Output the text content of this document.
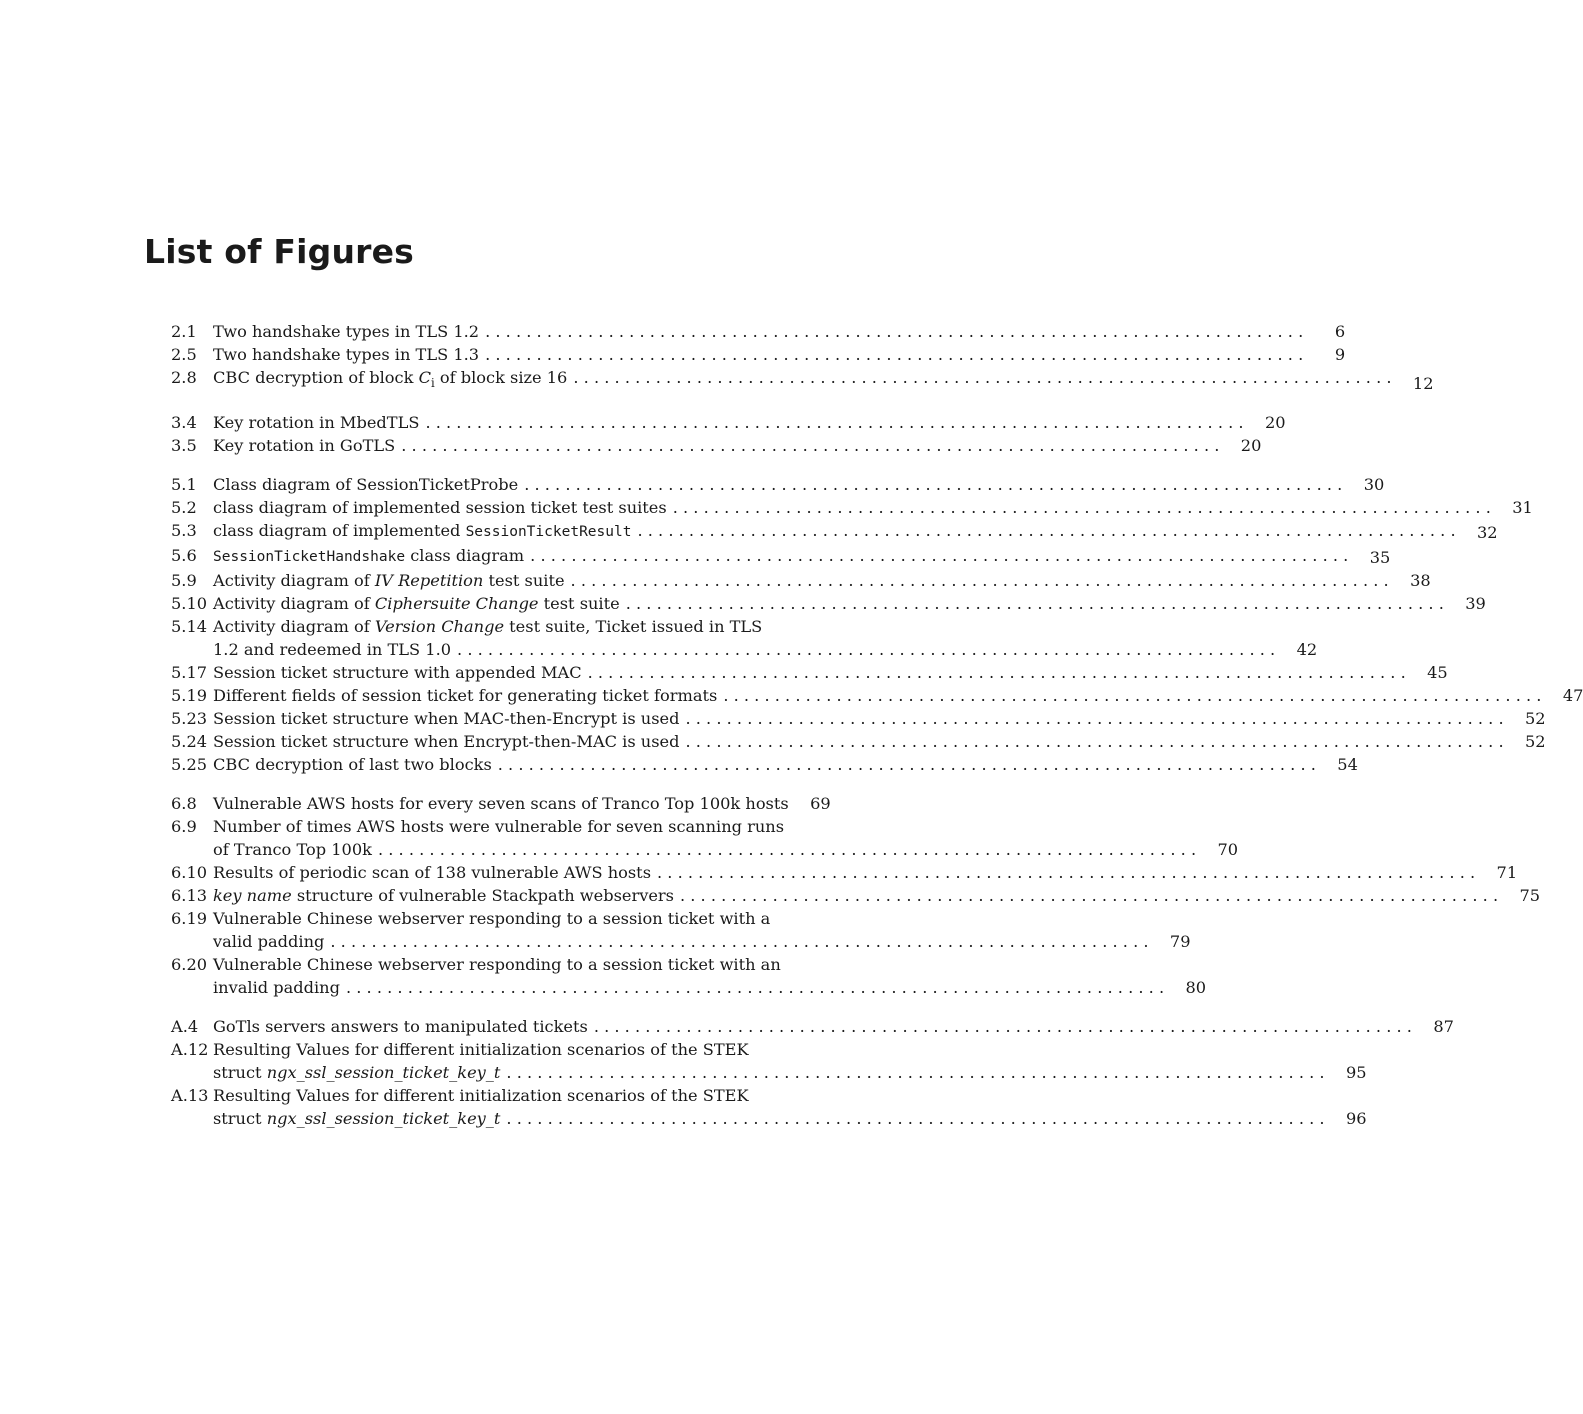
List of Figures
2.1	Two handshake types in TLS 1.2 . . . . . . . . . . . . . . . . . . . . . . . . . . . . . . . . . . . . . . . . . . . . . . . . . . . . . . . . . . . . . . . . . . . . . . . . . . . . . . . .	6
2.5	Two handshake types in TLS 1.3 . . . . . . . . . . . . . . . . . . . . . . . . . . . . . . . . . . . . . . . . . . . . . . . . . . . . . . . . . . . . . . . . . . . . . . . . . . . . . . . .	9
2.8	CBC decryption of block $C_i$ of block size 16 . . . . . . . . . . . . . . . . . . . . . . . . . . . . . . . . . . . . . . . . . . . . . . . . . . . . . . . . . . . . . . . . . . . . . . . . . . . . . . . .	12
3.4	Key rotation in MbedTLS . . . . . . . . . . . . . . . . . . . . . . . . . . . . . . . . . . . . . . . . . . . . . . . . . . . . . . . . . . . . . . . . . . . . . . . . . . . . . . . .	20
3.5	Key rotation in GoTLS . . . . . . . . . . . . . . . . . . . . . . . . . . . . . . . . . . . . . . . . . . . . . . . . . . . . . . . . . . . . . . . . . . . . . . . . . . . . . . . .	20
5.1	Class diagram of SessionTicketProbe . . . . . . . . . . . . . . . . . . . . . . . . . . . . . . . . . . . . . . . . . . . . . . . . . . . . . . . . . . . . . . . . . . . . . . . . . . . . . . . .	30
5.2	class diagram of implemented session ticket test suites . . . . . . . . . . . . . . . . . . . . . . . . . . . . . . . . . . . . . . . . . . . . . . . . . . . . . . . . . . . . . . . . . . . . . . . . . . . . . . . .	31
5.3	class diagram of implemented SessionTicketResult . . . . . . . . . . . . . . . . . . . . . . . . . . . . . . . . . . . . . . . . . . . . . . . . . . . . . . . . . . . . . . . . . . . . . . . . . . . . . . . .	32
5.6	SessionTicketHandshake class diagram . . . . . . . . . . . . . . . . . . . . . . . . . . . . . . . . . . . . . . . . . . . . . . . . . . . . . . . . . . . . . . . . . . . . . . . . . . . . . . . .	35
5.9	Activity diagram of IV Repetition test suite . . . . . . . . . . . . . . . . . . . . . . . . . . . . . . . . . . . . . . . . . . . . . . . . . . . . . . . . . . . . . . . . . . . . . . . . . . . . . . . .	38
5.10 Activity diagram of Ciphersuite Change test suite . . . . . . . . . . . . . . . . . . . . . . . . . . . . . . . . . . . . . . . . . . . . . . . . . . . . . . . . . . . . . . . . . . . . . . . . . . . . . . . .	39
5.14 Activity diagram of Version Change test suite, Ticket issued in TLS
1.2 and redeemed in TLS 1.0 . . . . . . . . . . . . . . . . . . . . . . . . . . . . . . . . . . . . . . . . . . . . . . . . . . . . . . . . . . . . . . . . . . . . . . . . . . . . . . . .	42
5.17 Session ticket structure with appended MAC . . . . . . . . . . . . . . . . . . . . . . . . . . . . . . . . . . . . . . . . . . . . . . . . . . . . . . . . . . . . . . . . . . . . . . . . . . . . . . . .	45
5.19 Different fields of session ticket for generating ticket formats . . . . . . . . . . . . . . . . . . . . . . . . . . . . . . . . . . . . . . . . . . . . . . . . . . . . . . . . . . . . . . . . . . . . . . . . . . . . . . . .	47
5.23 Session ticket structure when MAC-then-Encrypt is used . . . . . . . . . . . . . . . . . . . . . . . . . . . . . . . . . . . . . . . . . . . . . . . . . . . . . . . . . . . . . . . . . . . . . . . . . . . . . . . .	52
5.24 Session ticket structure when Encrypt-then-MAC is used . . . . . . . . . . . . . . . . . . . . . . . . . . . . . . . . . . . . . . . . . . . . . . . . . . . . . . . . . . . . . . . . . . . . . . . . . . . . . . . .	52
5.25 CBC decryption of last two blocks . . . . . . . . . . . . . . . . . . . . . . . . . . . . . . . . . . . . . . . . . . . . . . . . . . . . . . . . . . . . . . . . . . . . . . . . . . . . . . . .	54
6.8	Vulnerable AWS hosts for every seven scans of Tranco Top 100k hosts	69
6.9	Number of times AWS hosts were vulnerable for seven scanning runs
of Tranco Top 100k . . . . . . . . . . . . . . . . . . . . . . . . . . . . . . . . . . . . . . . . . . . . . . . . . . . . . . . . . . . . . . . . . . . . . . . . . . . . . . . .	70
6.10 Results of periodic scan of 138 vulnerable AWS hosts . . . . . . . . . . . . . . . . . . . . . . . . . . . . . . . . . . . . . . . . . . . . . . . . . . . . . . . . . . . . . . . . . . . . . . . . . . . . . . . .	71
6.13 key name structure of vulnerable Stackpath webservers . . . . . . . . . . . . . . . . . . . . . . . . . . . . . . . . . . . . . . . . . . . . . . . . . . . . . . . . . . . . . . . . . . . . . . . . . . . . . . . .	75
6.19 Vulnerable Chinese webserver responding to a session ticket with a
valid padding . . . . . . . . . . . . . . . . . . . . . . . . . . . . . . . . . . . . . . . . . . . . . . . . . . . . . . . . . . . . . . . . . . . . . . . . . . . . . . . .	79
6.20 Vulnerable Chinese webserver responding to a session ticket with an
invalid padding . . . . . . . . . . . . . . . . . . . . . . . . . . . . . . . . . . . . . . . . . . . . . . . . . . . . . . . . . . . . . . . . . . . . . . . . . . . . . . . .	80
A.4 GoTls servers answers to manipulated tickets . . . . . . . . . . . . . . . . . . . . . . . . . . . . . . . . . . . . . . . . . . . . . . . . . . . . . . . . . . . . . . . . . . . . . . . . . . . . . . . .	87
A.12 Resulting Values for different initialization scenarios of the STEK
struct ngx_ssl_session_ticket_key_t . . . . . . . . . . . . . . . . . . . . . . . . . . . . . . . . . . . . . . . . . . . . . . . . . . . . . . . . . . . . . . . . . . . . . . . . . . . . . . . .	95
A.13 Resulting Values for different initialization scenarios of the STEK
struct ngx_ssl_session_ticket_key_t . . . . . . . . . . . . . . . . . . . . . . . . . . . . . . . . . . . . . . . . . . . . . . . . . . . . . . . . . . . . . . . . . . . . . . . . . . . . . . . .	96
